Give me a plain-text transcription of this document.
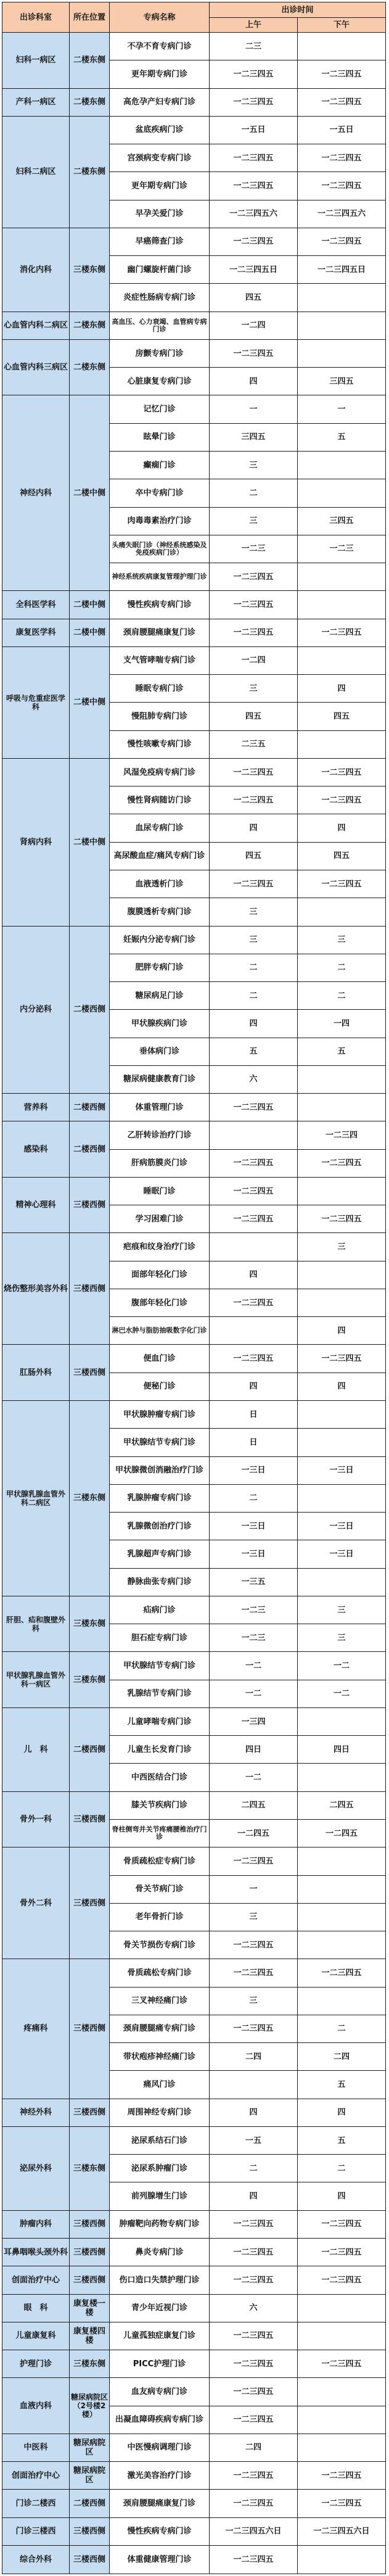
出诊科室	所在位置	专病名称	出诊时间	
			上午	下午
妇科一病区	二楼东侧	不孕不育专病门诊	二三	
		更年期专病门诊	一二三四五	一二三四五
产科一病区	二楼东侧	高危孕产妇专病门诊	一二三四五	一二三四五
妇科二病区	二楼东侧	盆底疾病门诊	一五日	一五日
		宫颈病变专病门诊	一二三四五	一二三四五
		更年期专病门诊	一二三四五	一二三四五
		早孕关爱门诊	一二三四五六	一二三四五六
消化内科	三楼东侧	早癌筛查门诊	一二三四五	一二三四五
		幽门螺旋杆菌门诊	一二三四五日	一二三四五日
		炎症性肠病专病门诊	四五	
心血管内科二病区	二楼东侧	高血压、心力衰竭、血管病专病门诊	一二四	
心血管内科三病区	二楼东侧	房颤专病门诊	一二三四五	
		心脏康复专病门诊	四	三四五
神经内科	二楼中侧	记忆门诊	一	一
		眩晕门诊	三四五	五
		癫痫门诊	三	
		卒中专病门诊	二	
		肉毒毒素治疗门诊	三	三四五
		头痛失眠门诊（神经系统感染及免疫疾病门诊）	一二三	一二三
		神经系统疾病康复管理护理门诊	一二三四五	
全科医学科	二楼中侧	慢性疾病专病门诊	一二三四五	
康复医学科	二楼中侧	颈肩腰腿痛康复门诊	一二三四五	一二三四五
呼吸与危重症医学科	二楼中侧	支气管哮喘专病门诊	一二四	
		睡眠专病门诊	三	四
		慢阻肺专病门诊	四五	四五
		慢性咳嗽专病门诊	二三五	
肾病内科	二楼中侧	风湿免疫病专病门诊	一二三四五	一二三四五
		慢性肾病随访门诊	一二三四五	一二三四五
		血尿专病门诊	四	四
		高尿酸血症/痛风专病门诊	四五	四五
		血液透析门诊	一二三四五	一二三四五
		腹膜透析专病门诊	三	
内分泌科	二楼西侧	妊娠内分泌专病门诊	三	三
		肥胖专病门诊	二	二
		糖尿病足门诊	二	二
		甲状腺疾病门诊	四	一四
		垂体病门诊	五	五
		糖尿病健康教育门诊	六	
营养科	二楼西侧	体重管理门诊	一二三四五	
感染科	二楼西侧	乙肝转诊治疗门诊		一二三四
		肝病筋膜炎门诊	一二三四五	一二三四五
精神心理科	三楼西侧	睡眠门诊	一二三四五	
		学习困难门诊	一二三四五	一二三四五
烧伤整形美容外科	三楼西侧	疤痕和纹身治疗门诊		三
		面部年轻化门诊	四	
		腹部年轻化门诊	一二三四五	
		淋巴水肿与脂肪抽吸数字化门诊		四
肛肠外科	三楼西侧	便血门诊	一二三四五	一二三四五
		便秘门诊	四	四
甲状腺乳腺血管外科二病区	三楼东侧	甲状腺肿瘤专病门诊	日	
		甲状腺结节专病门诊	日	
		甲状腺微创消融治疗门诊	一三日	一三日
		乳腺肿瘤专病门诊	二	
		乳腺微创治疗门诊	一三日	一三日
		乳腺超声专病门诊	一三日	一三日
		静脉曲张专病门诊	一三五	
肝胆、疝和腹壁外科	三楼东侧	疝病门诊	一二三	三
		胆石症专病门诊	一二三	三
甲状腺乳腺血管外科一病区	三楼东侧	甲状腺结节专病门诊	一二	一二
		乳腺结节专病门诊	一二	一二
儿　科	二楼西侧	儿童哮喘专病门诊	一三四	
		儿童生长发育门诊	四日	四日
		中西医结合门诊	一二	
骨外一科	三楼西侧	膝关节疾病门诊	二四五	二四五
		脊柱侧弯并关节疼痛腰椎治疗门诊	一二四五	一二四五
骨外二科	三楼西侧	骨质疏松症专病门诊	一二三四五	
		骨关节病门诊	一	
		老年骨折门诊	三	
		骨关节损伤专病门诊	一二三四五	
疼痛科	三楼西侧	骨质疏松专病门诊	一二三四五	一二三四五
		三叉神经痛门诊	三	
		颈肩腰腿痛专病门诊	一二三四五	二
		带状疱疹神经痛门诊	二四	二四
		痛风门诊		五
神经外科	三楼西侧	周围神经专病门诊	四	四
泌尿外科	三楼东侧	泌尿系结石门诊	一五	五
		泌尿系肿瘤门诊	二	二
		前列腺增生门诊	四	四
肿瘤内科	三楼西侧	肿瘤靶向药物专病门诊	一二三四五	一二三四五
耳鼻咽喉头颈外科	三楼西侧	鼻炎专病门诊	一二三四五	一二三四五
创面治疗中心	三楼西侧	伤口造口失禁护理门诊	一二三四五	一二三四五
眼　科	康复楼一楼	青少年近视门诊	六	
儿童康复科	康复楼四楼	儿童孤独症康复门诊	一二三四五	
护理门诊	三楼东侧	PICC护理门诊	一二三四五	一二三四五
血液内科	糖尿病院区（2号楼2楼）	血友病专病门诊	一二三四五	
		出凝血障碍疾病专病门诊	一二三四五	
中医科	糖尿病院区	中医慢病调理门诊	二四	
创面治疗中心	糖尿病院区	激光美容治疗门诊	一二三四五	一二三四五
门诊二楼西	二楼西侧	颈肩腰腿痛康复门诊	一二三四五	一二三四五
门诊三楼西	三楼西侧	慢性疾病专病门诊	一二三四五六日	一二三四五六日
综合外科	三楼西侧	体重健康管理门诊	一二三四五	
